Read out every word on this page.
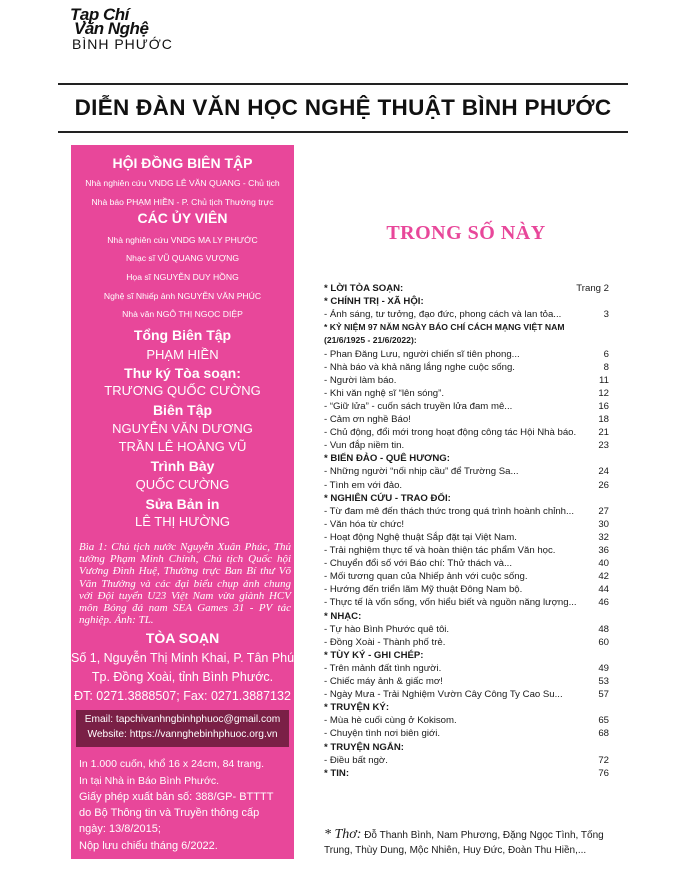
Tạp Chí
Văn Nghệ
BÌNH PHƯỚC
DIỄN ĐÀN VĂN HỌC NGHỆ THUẬT BÌNH PHƯỚC
HỘI ĐỒNG BIÊN TẬP
Nhà nghiên cứu VNDG LÊ VĂN QUANG - Chủ tịch
Nhà báo PHẠM HIỀN - P. Chủ tịch Thường trực
CÁC ỦY VIÊN
Nhà nghiên cứu VNDG MA LY PHƯỚC
Nhạc sĩ VŨ QUANG VƯỢNG
Họa sĩ NGUYỄN DUY HỒNG
Nghệ sĩ Nhiếp ảnh NGUYỄN VĂN PHÚC
Nhà văn NGÔ THỊ NGỌC DIỆP
Tổng Biên Tập
PHẠM HIỀN
Thư ký Tòa soạn:
TRƯƠNG QUỐC CƯỜNG
Biên Tập
NGUYỄN VĂN DƯƠNG
TRẦN LÊ HOÀNG VŨ
Trình Bày
QUỐC CƯỜNG
Sửa Bản in
LÊ THỊ HƯỜNG
Bìa 1: Chủ tịch nước Nguyễn Xuân Phúc, Thủ tướng Phạm Minh Chính, Chủ tịch Quốc hội Vương Đình Huệ, Thường trực Ban Bí thư Võ Văn Thưởng và các đại biểu chụp ảnh chung với Đội tuyển U23 Việt Nam vừa giành HCV môn Bóng đá nam SEA Games 31 - PV tác nghiệp. Ảnh: TL.
TÒA SOẠN
Số 1, Nguyễn Thị Minh Khai, P. Tân Phú,
Tp. Đồng Xoài, tỉnh Bình Phước.
ĐT: 0271.3888507; Fax: 0271.3887132
Email: tapchivanhngbinhphuoc@gmail.com
Website: https://vannghebinhphuoc.org.vn
In 1.000 cuốn, khổ 16 x 24cm, 84 trang.
In tại Nhà in Báo Bình Phước.
Giấy phép xuất bản số: 388/GP- BTTTT
do Bộ Thông tin và Truyền thông cấp
ngày: 13/8/2015;
Nộp lưu chiểu tháng 6/2022.
TRONG SỐ NÀY
* LỜI TÒA SOẠN:	Trang 2
* CHÍNH TRỊ - XÃ HỘI:
- Ánh sáng, tư tưởng, đạo đức, phong cách và lan tỏa...	3
* KỶ NIỆM 97 NĂM NGÀY BÁO CHÍ CÁCH MẠNG VIỆT NAM
(21/6/1925 - 21/6/2022):
- Phan Đăng Lưu, người chiến sĩ tiên phong...	6
- Nhà báo và khả năng lắng nghe cuộc sống.	8
- Người làm báo.	11
- Khi văn nghệ sĩ “lên sóng”.	12
- “Giữ lửa” - cuốn sách truyền lửa đam mê...	16
- Cảm ơn nghề Báo!	18
- Chủ động, đổi mới trong hoạt động công tác Hội Nhà báo. 21
- Vun đắp niềm tin.	23
* BIỂN ĐẢO - QUÊ HƯƠNG:
- Những người “nối nhịp cầu” để Trường Sa...	24
- Tình em với đảo.	26
* NGHIÊN CỨU - TRAO ĐỔI:
- Từ đam mê đến thách thức trong quá trình hoành chỉnh...	27
- Văn hóa từ chức!	30
- Hoạt động Nghệ thuật Sắp đặt tại Việt Nam.	32
- Trải nghiệm thực tế và hoàn thiện tác phẩm Văn học.	36
- Chuyển đổi số với Báo chí: Thử thách và...	40
- Mối tương quan của Nhiếp ảnh với cuộc sống.	42
- Hướng đến triển lãm Mỹ thuật Đông Nam bộ.	44
- Thực tế là vốn sống, vốn hiểu biết và nguồn năng lượng... 46
* NHẠC:
- Tự hào Bình Phước quê tôi.	48
- Đồng Xoài - Thành phố trẻ.	60
* TÙY KÝ - GHI CHÉP:
- Trên mảnh đất tình người.	49
- Chiếc máy ảnh & giấc mơ!	53
- Ngày Mưa - Trải Nghiệm Vườn Cây Công Ty Cao Su...	57
* TRUYỆN KÝ:
- Mùa hè cuối cùng ở Kokisom.	65
- Chuyện tình nơi biên giới.	68
* TRUYỆN NGẮN:
- Điều bất ngờ.	72
* TIN:	76
* Thơ: Đỗ Thanh Bình, Nam Phương, Đặng Ngọc Tình, Tống Trung, Thùy Dung, Mộc Nhiên, Huy Đức, Đoàn Thu Hiền,...
